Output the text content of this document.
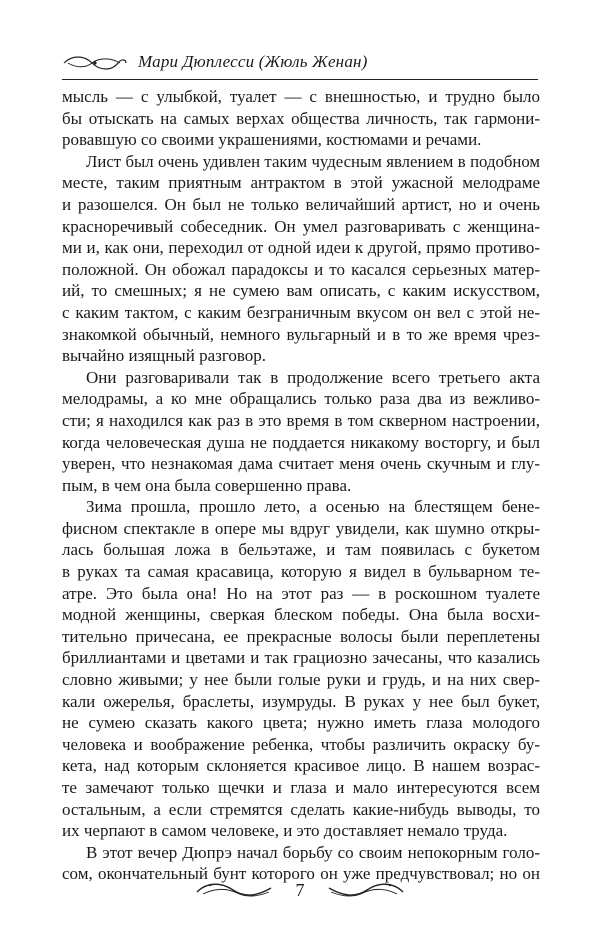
Мари Дюплесси (Жюль Женан)
мысль — с улыбкой, туалет — с внешностью, и трудно было
бы отыскать на самых верхах общества личность, так гармони-
ровавшую со своими украшениями, костюмами и речами.
Лист был очень удивлен таким чудесным явлением в подобном
месте, таким приятным антрактом в этой ужасной мелодраме
и разошелся. Он был не только величайший артист, но и очень
красноречивый собеседник. Он умел разговаривать с женщина-
ми и, как они, переходил от одной идеи к другой, прямо противо-
положной. Он обожал парадоксы и то касался серьезных матер-
ий, то смешных; я не сумею вам описать, с каким искусством,
с каким тактом, с каким безграничным вкусом он вел с этой не-
знакомкой обычный, немного вульгарный и в то же время чрез-
вычайно изящный разговор.
Они разговаривали так в продолжение всего третьего акта
мелодрамы, а ко мне обращались только раза два из вежливо-
сти; я находился как раз в это время в том скверном настроении,
когда человеческая душа не поддается никакому восторгу, и был
уверен, что незнакомая дама считает меня очень скучным и глу-
пым, в чем она была совершенно права.
Зима прошла, прошло лето, а осенью на блестящем бене-
фисном спектакле в опере мы вдруг увидели, как шумно откры-
лась большая ложа в бельэтаже, и там появилась с букетом
в руках та самая красавица, которую я видел в бульварном те-
атре. Это была она! Но на этот раз — в роскошном туалете
модной женщины, сверкая блеском победы. Она была восхи-
тительно причесана, ее прекрасные волосы были переплетены
бриллиантами и цветами и так грациозно зачесаны, что казались
словно живыми; у нее были голые руки и грудь, и на них свер-
кали ожерелья, браслеты, изумруды. В руках у нее был букет,
не сумею сказать какого цвета; нужно иметь глаза молодого
человека и воображение ребенка, чтобы различить окраску бу-
кета, над которым склоняется красивое лицо. В нашем возрас-
те замечают только щечки и глаза и мало интересуются всем
остальным, а если стремятся сделать какие-нибудь выводы, то
их черпают в самом человеке, и это доставляет немало труда.
В этот вечер Дюпрэ начал борьбу со своим непокорным голо-
сом, окончательный бунт которого он уже предчувствовал; но он
7
